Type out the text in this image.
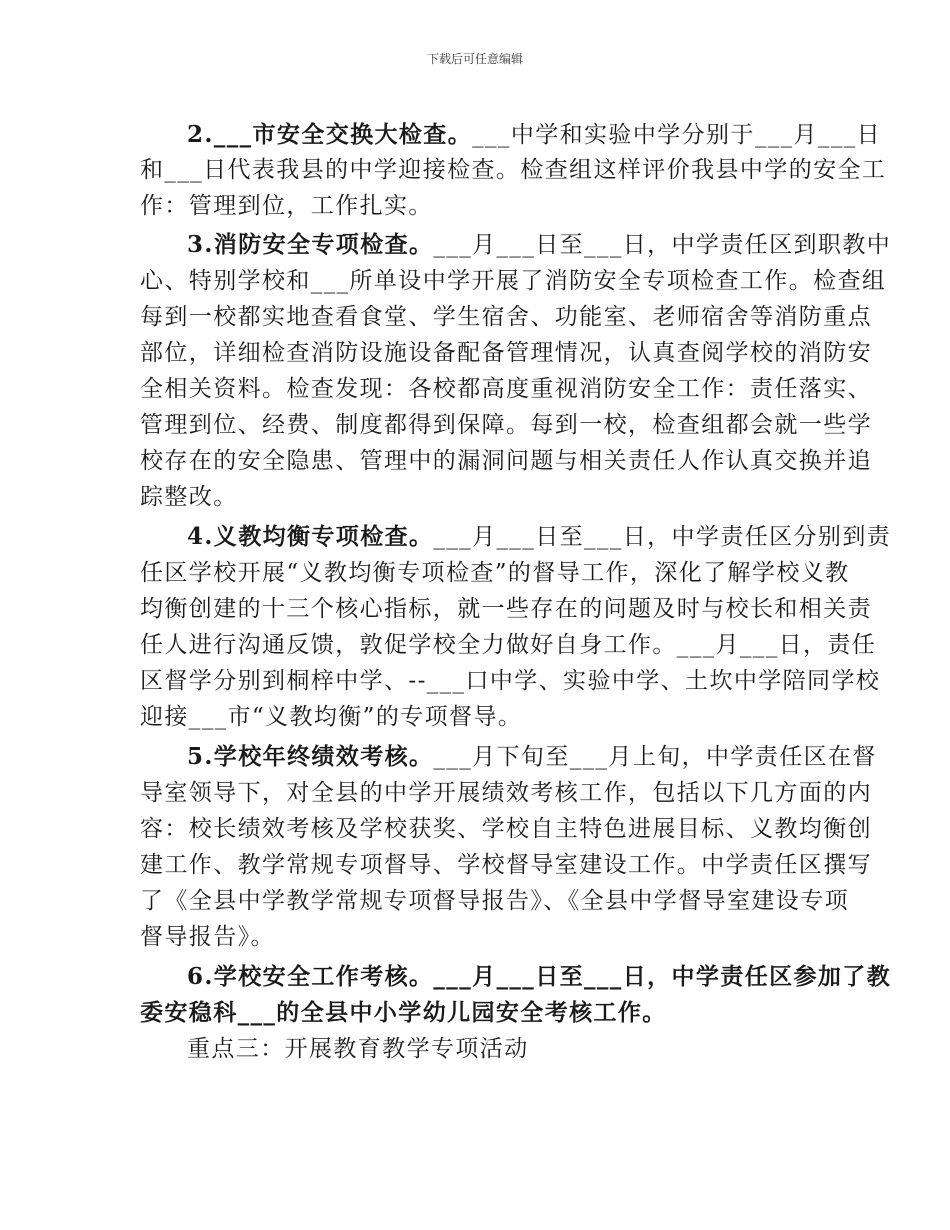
下载后可任意编辑
2.___市安全交换大检查。___中学和实验中学分别于___月___日
和___日代表我县的中学迎接检查。检查组这样评价我县中学的安全工
作：管理到位，工作扎实。
3.消防安全专项检查。___月___日至___日，中学责任区到职教中
心、特别学校和___所单设中学开展了消防安全专项检查工作。检查组
每到一校都实地查看食堂、学生宿舍、功能室、老师宿舍等消防重点
部位，详细检查消防设施设备配备管理情况，认真查阅学校的消防安
全相关资料。检查发现：各校都高度重视消防安全工作：责任落实、
管理到位、经费、制度都得到保障。每到一校，检查组都会就一些学
校存在的安全隐患、管理中的漏洞问题与相关责任人作认真交换并追
踪整改。
4.义教均衡专项检查。___月___日至___日，中学责任区分别到责
任区学校开展“义教均衡专项检查”的督导工作，深化了解学校义教
均衡创建的十三个核心指标，就一些存在的问题及时与校长和相关责
任人进行沟通反馈，敦促学校全力做好自身工作。___月___日，责任
区督学分别到桐梓中学、--___口中学、实验中学、土坎中学陪同学校
迎接___市“义教均衡”的专项督导。
5.学校年终绩效考核。___月下旬至___月上旬，中学责任区在督
导室领导下，对全县的中学开展绩效考核工作，包括以下几方面的内
容：校长绩效考核及学校获奖、学校自主特色进展目标、义教均衡创
建工作、教学常规专项督导、学校督导室建设工作。中学责任区撰写
了《全县中学教学常规专项督导报告》、《全县中学督导室建设专项
督导报告》。
6.学校安全工作考核。___月___日至___日，中学责任区参加了教
委安稳科___的全县中小学幼儿园安全考核工作。
重点三：开展教育教学专项活动
